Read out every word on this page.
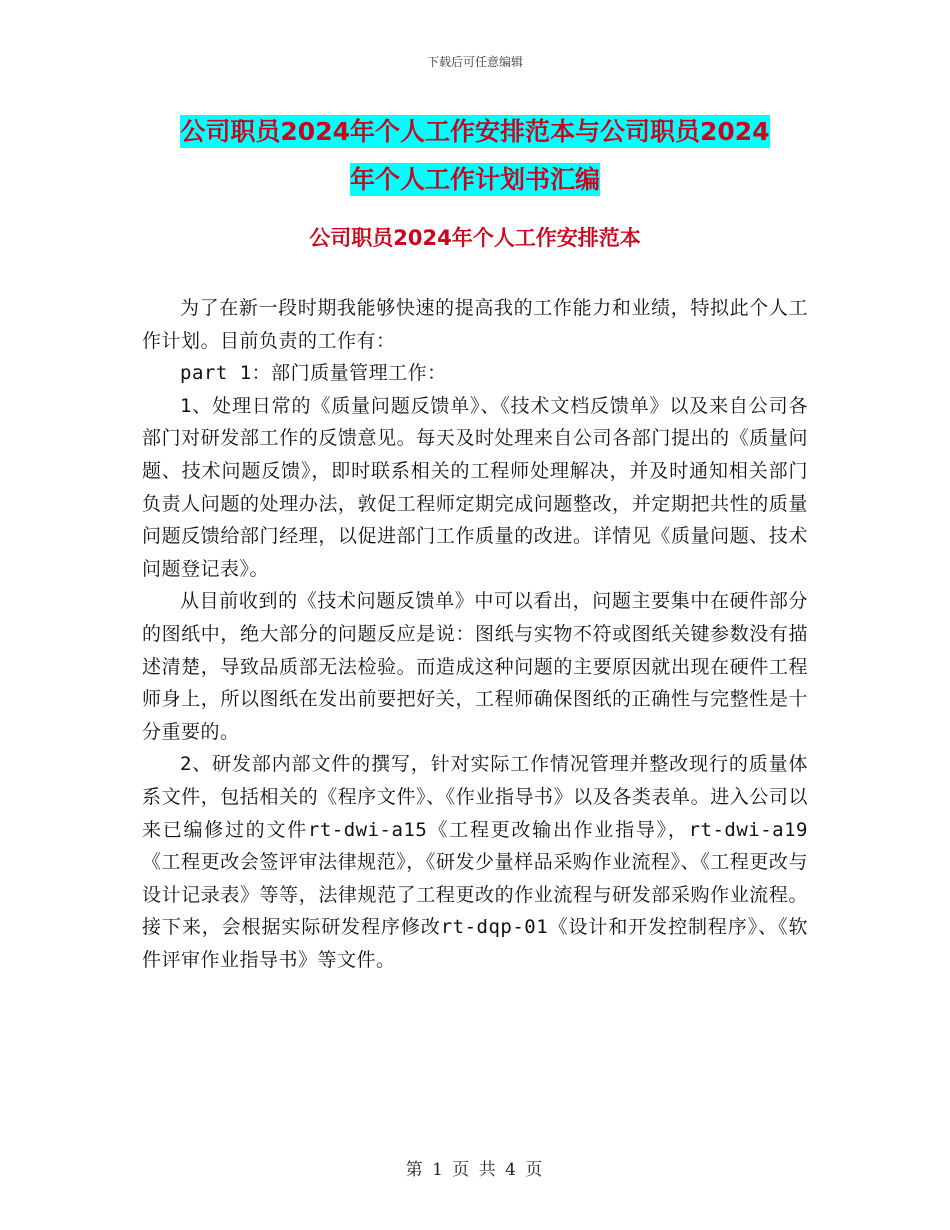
下载后可任意编辑
公司职员2024年个人工作安排范本与公司职员2024
年个人工作计划书汇编
公司职员2024年个人工作安排范本

为了在新一段时期我能够快速的提高我的工作能力和业绩，特拟此个人工作计划。目前负责的工作有：

part 1：部门质量管理工作：

1、处理日常的《质量问题反馈单》、《技术文档反馈单》以及来自公司各部门对研发部工作的反馈意见。每天及时处理来自公司各部门提出的《质量问题、技术问题反馈》，即时联系相关的工程师处理解决，并及时通知相关部门负责人问题的处理办法，敦促工程师定期完成问题整改，并定期把共性的质量问题反馈给部门经理，以促进部门工作质量的改进。详情见《质量问题、技术问题登记表》。

从目前收到的《技术问题反馈单》中可以看出，问题主要集中在硬件部分的图纸中，绝大部分的问题反应是说：图纸与实物不符或图纸关键参数没有描述清楚，导致品质部无法检验。而造成这种问题的主要原因就出现在硬件工程师身上，所以图纸在发出前要把好关，工程师确保图纸的正确性与完整性是十分重要的。

2、研发部内部文件的撰写，针对实际工作情况管理并整改现行的质量体系文件，包括相关的《程序文件》、《作业指导书》以及各类表单。进入公司以来已编修过的文件rt-dwi-a15《工程更改输出作业指导》，rt-dwi-a19《工程更改会签评审法律规范》，《研发少量样品采购作业流程》、《工程更改与设计记录表》等等，法律规范了工程更改的作业流程与研发部采购作业流程。接下来，会根据实际研发程序修改rt-dqp-01《设计和开发控制程序》、《软件评审作业指导书》等文件。

第 1 页 共 4 页
